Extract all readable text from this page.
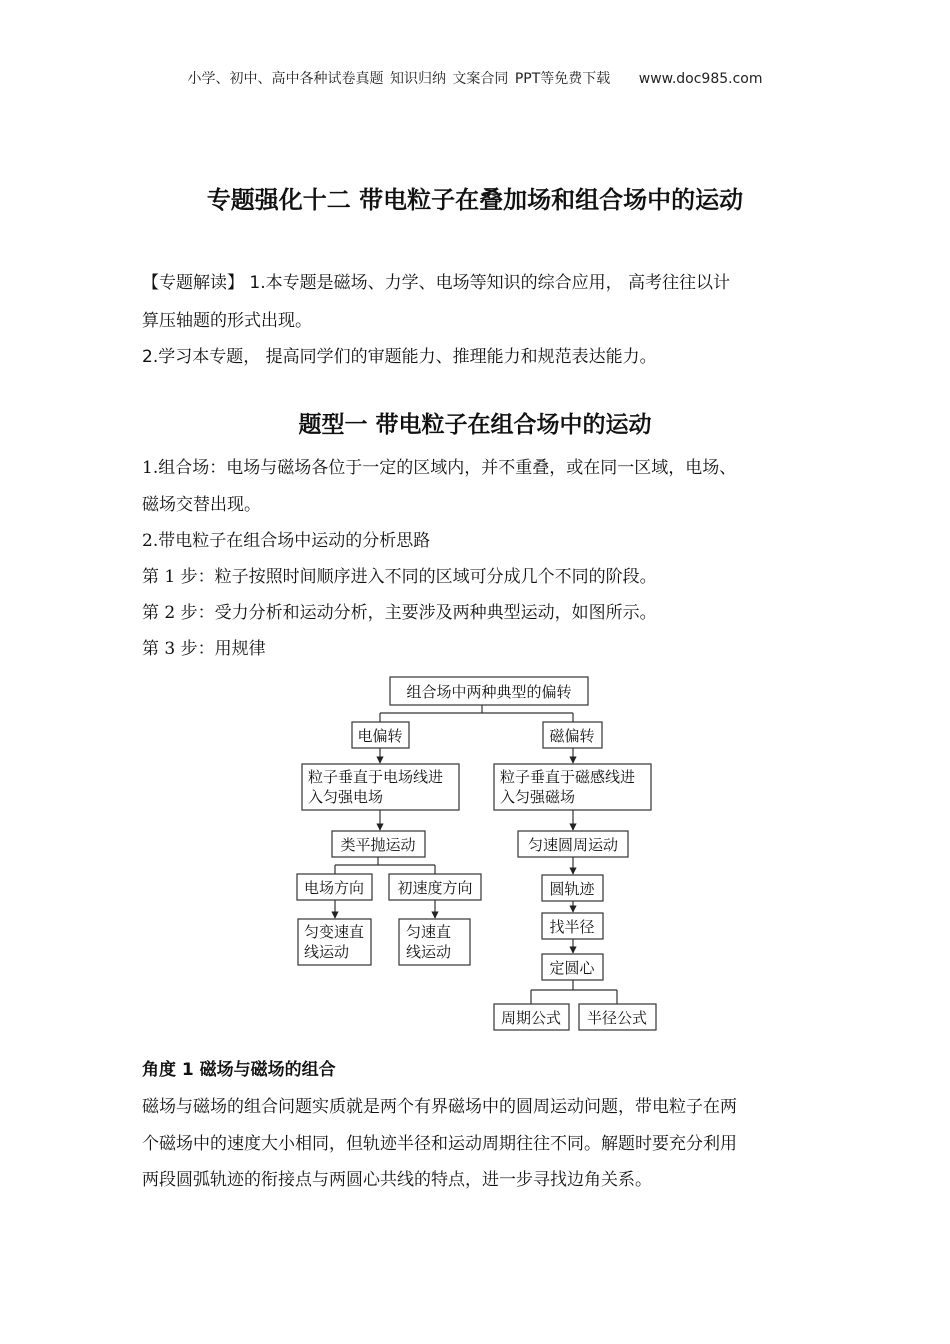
小学、初中、高中各种试卷真题 知识归纳 文案合同 PPT等免费下载 www.doc985.com
专题强化十二 带电粒子在叠加场和组合场中的运动
【专题解读】 1.本专题是磁场、力学、电场等知识的综合应用， 高考往往以计
算压轴题的形式出现。
2.学习本专题， 提高同学们的审题能力、推理能力和规范表达能力。
题型一 带电粒子在组合场中的运动
1.组合场：电场与磁场各位于一定的区域内，并不重叠，或在同一区域，电场、
磁场交替出现。
2.带电粒子在组合场中运动的分析思路
第 1 步：粒子按照时间顺序进入不同的区域可分成几个不同的阶段。
第 2 步：受力分析和运动分析，主要涉及两种典型运动，如图所示。
第 3 步：用规律
组合场中两种典型的偏转
电偏转	磁偏转
粒子垂直于电场线进
入匀强电场
粒子垂直于磁感线进
入匀强磁场
类平抛运动
电场方向 初速度方向
匀变速直
线运动
匀速直
线运动
匀速圆周运动
圆轨迹
找半径
定圆心
周期公式 半径公式
角度 1 磁场与磁场的组合
磁场与磁场的组合问题实质就是两个有界磁场中的圆周运动问题，带电粒子在两
个磁场中的速度大小相同，但轨迹半径和运动周期往往不同。解题时要充分利用
两段圆弧轨迹的衔接点与两圆心共线的特点，进一步寻找边角关系。
